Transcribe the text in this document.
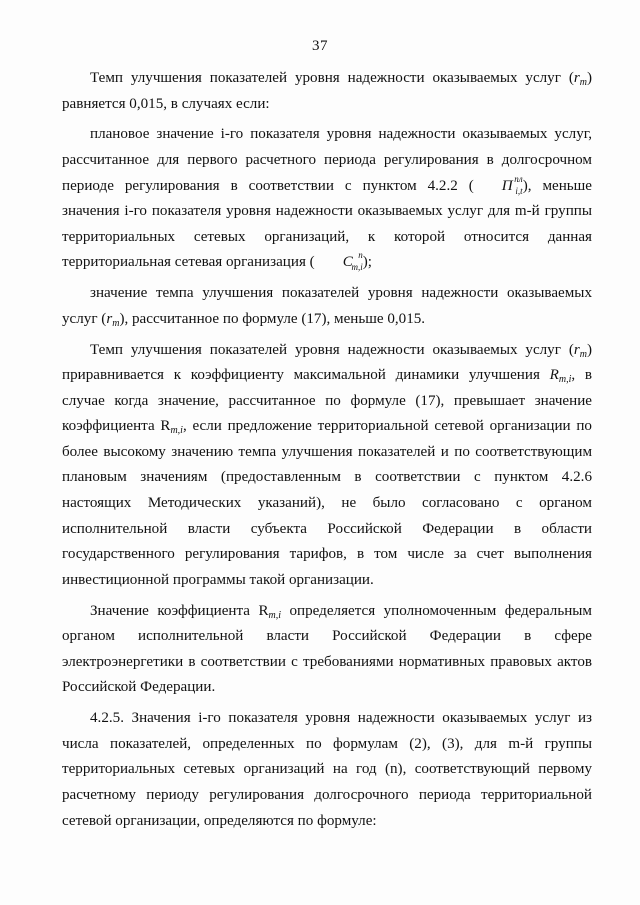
37

Темп улучшения показателей уровня надежности оказываемых услуг $(r_m)$ равняется 0,015, в случаях если:

плановое значение i-го показателя уровня надежности оказываемых услуг, рассчитанное для первого расчетного периода регулирования в долгосрочном периоде регулирования в соответствии с пунктом 4.2.2 ( П пл
i,t ), меньше значения i-го показателя уровня надежности оказываемых услуг для m-й группы территориальных сетевых организаций, к которой относится данная территориальная сетевая организация ( C n
m,i );

значение темпа улучшения показателей уровня надежности оказываемых услуг $(r_m)$, рассчитанное по формуле (17), меньше 0,015.

Темп улучшения показателей уровня надежности оказываемых услуг $(r_m)$ приравнивается к коэффициенту максимальной динамики улучшения $R_{m,i}$, в случае когда значение, рассчитанное по формуле (17), превышает значение коэффициента $R_{m,i}$, если предложение территориальной сетевой организации по более высокому значению темпа улучшения показателей и по соответствующим плановым значениям (предоставленным в соответствии с пунктом 4.2.6 настоящих Методических указаний), не было согласовано с органом исполнительной власти субъекта Российской Федерации в области государственного регулирования тарифов, в том числе за счет выполнения инвестиционной программы такой организации.

Значение коэффициента $R_{m,i}$ определяется уполномоченным федеральным органом исполнительной власти Российской Федерации в сфере электроэнергетики в соответствии с требованиями нормативных правовых актов Российской Федерации.

4.2.5. Значения i-го показателя уровня надежности оказываемых услуг из числа показателей, определенных по формулам (2), (3), для m-й группы территориальных сетевых организаций на год (n), соответствующий первому расчетному периоду регулирования долгосрочного периода территориальной сетевой организации, определяются по формуле:
